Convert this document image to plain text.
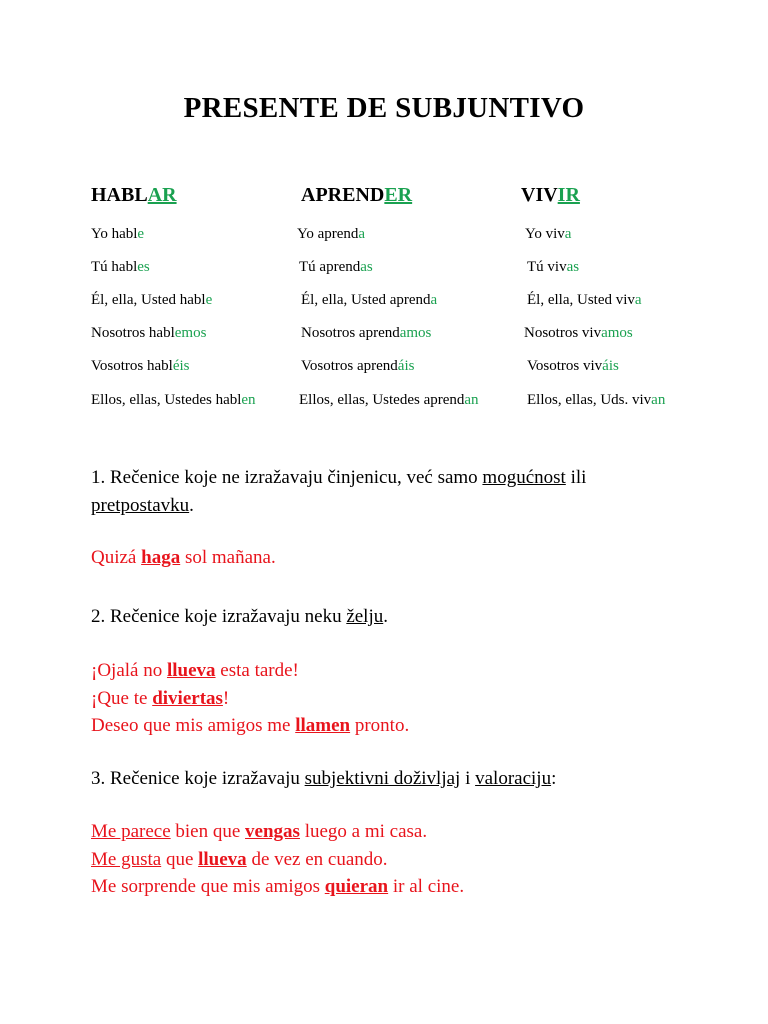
PRESENTE DE SUBJUNTIVO
HABLAR	APRENDER	VIVIR
Yo hable
Tú hables
Él, ella, Usted hable
Nosotros hablemos
Vosotros habléis
Ellos, ellas, Ustedes hablen
Yo aprenda
Tú aprendas
Él, ella, Usted aprenda
Nosotros aprendamos
Vosotros aprendáis
Ellos, ellas, Ustedes aprendan
Yo viva
Tú vivas
Él, ella, Usted viva
Nosotros vivamos
Vosotros viváis
Ellos, ellas, Uds. vivan
1. Rečenice koje ne izražavaju činjenicu, već samo mogućnost ili
pretpostavku.
Quizá haga sol mañana.
2. Rečenice koje izražavaju neku želju.
¡Ojalá no llueva esta tarde!
¡Que te diviertas!
Deseo que mis amigos me llamen pronto.
3. Rečenice koje izražavaju subjektivni doživljaj i valoraciju:
Me parece bien que vengas luego a mi casa.
Me gusta que llueva de vez en cuando.
Me sorprende que mis amigos quieran ir al cine.
